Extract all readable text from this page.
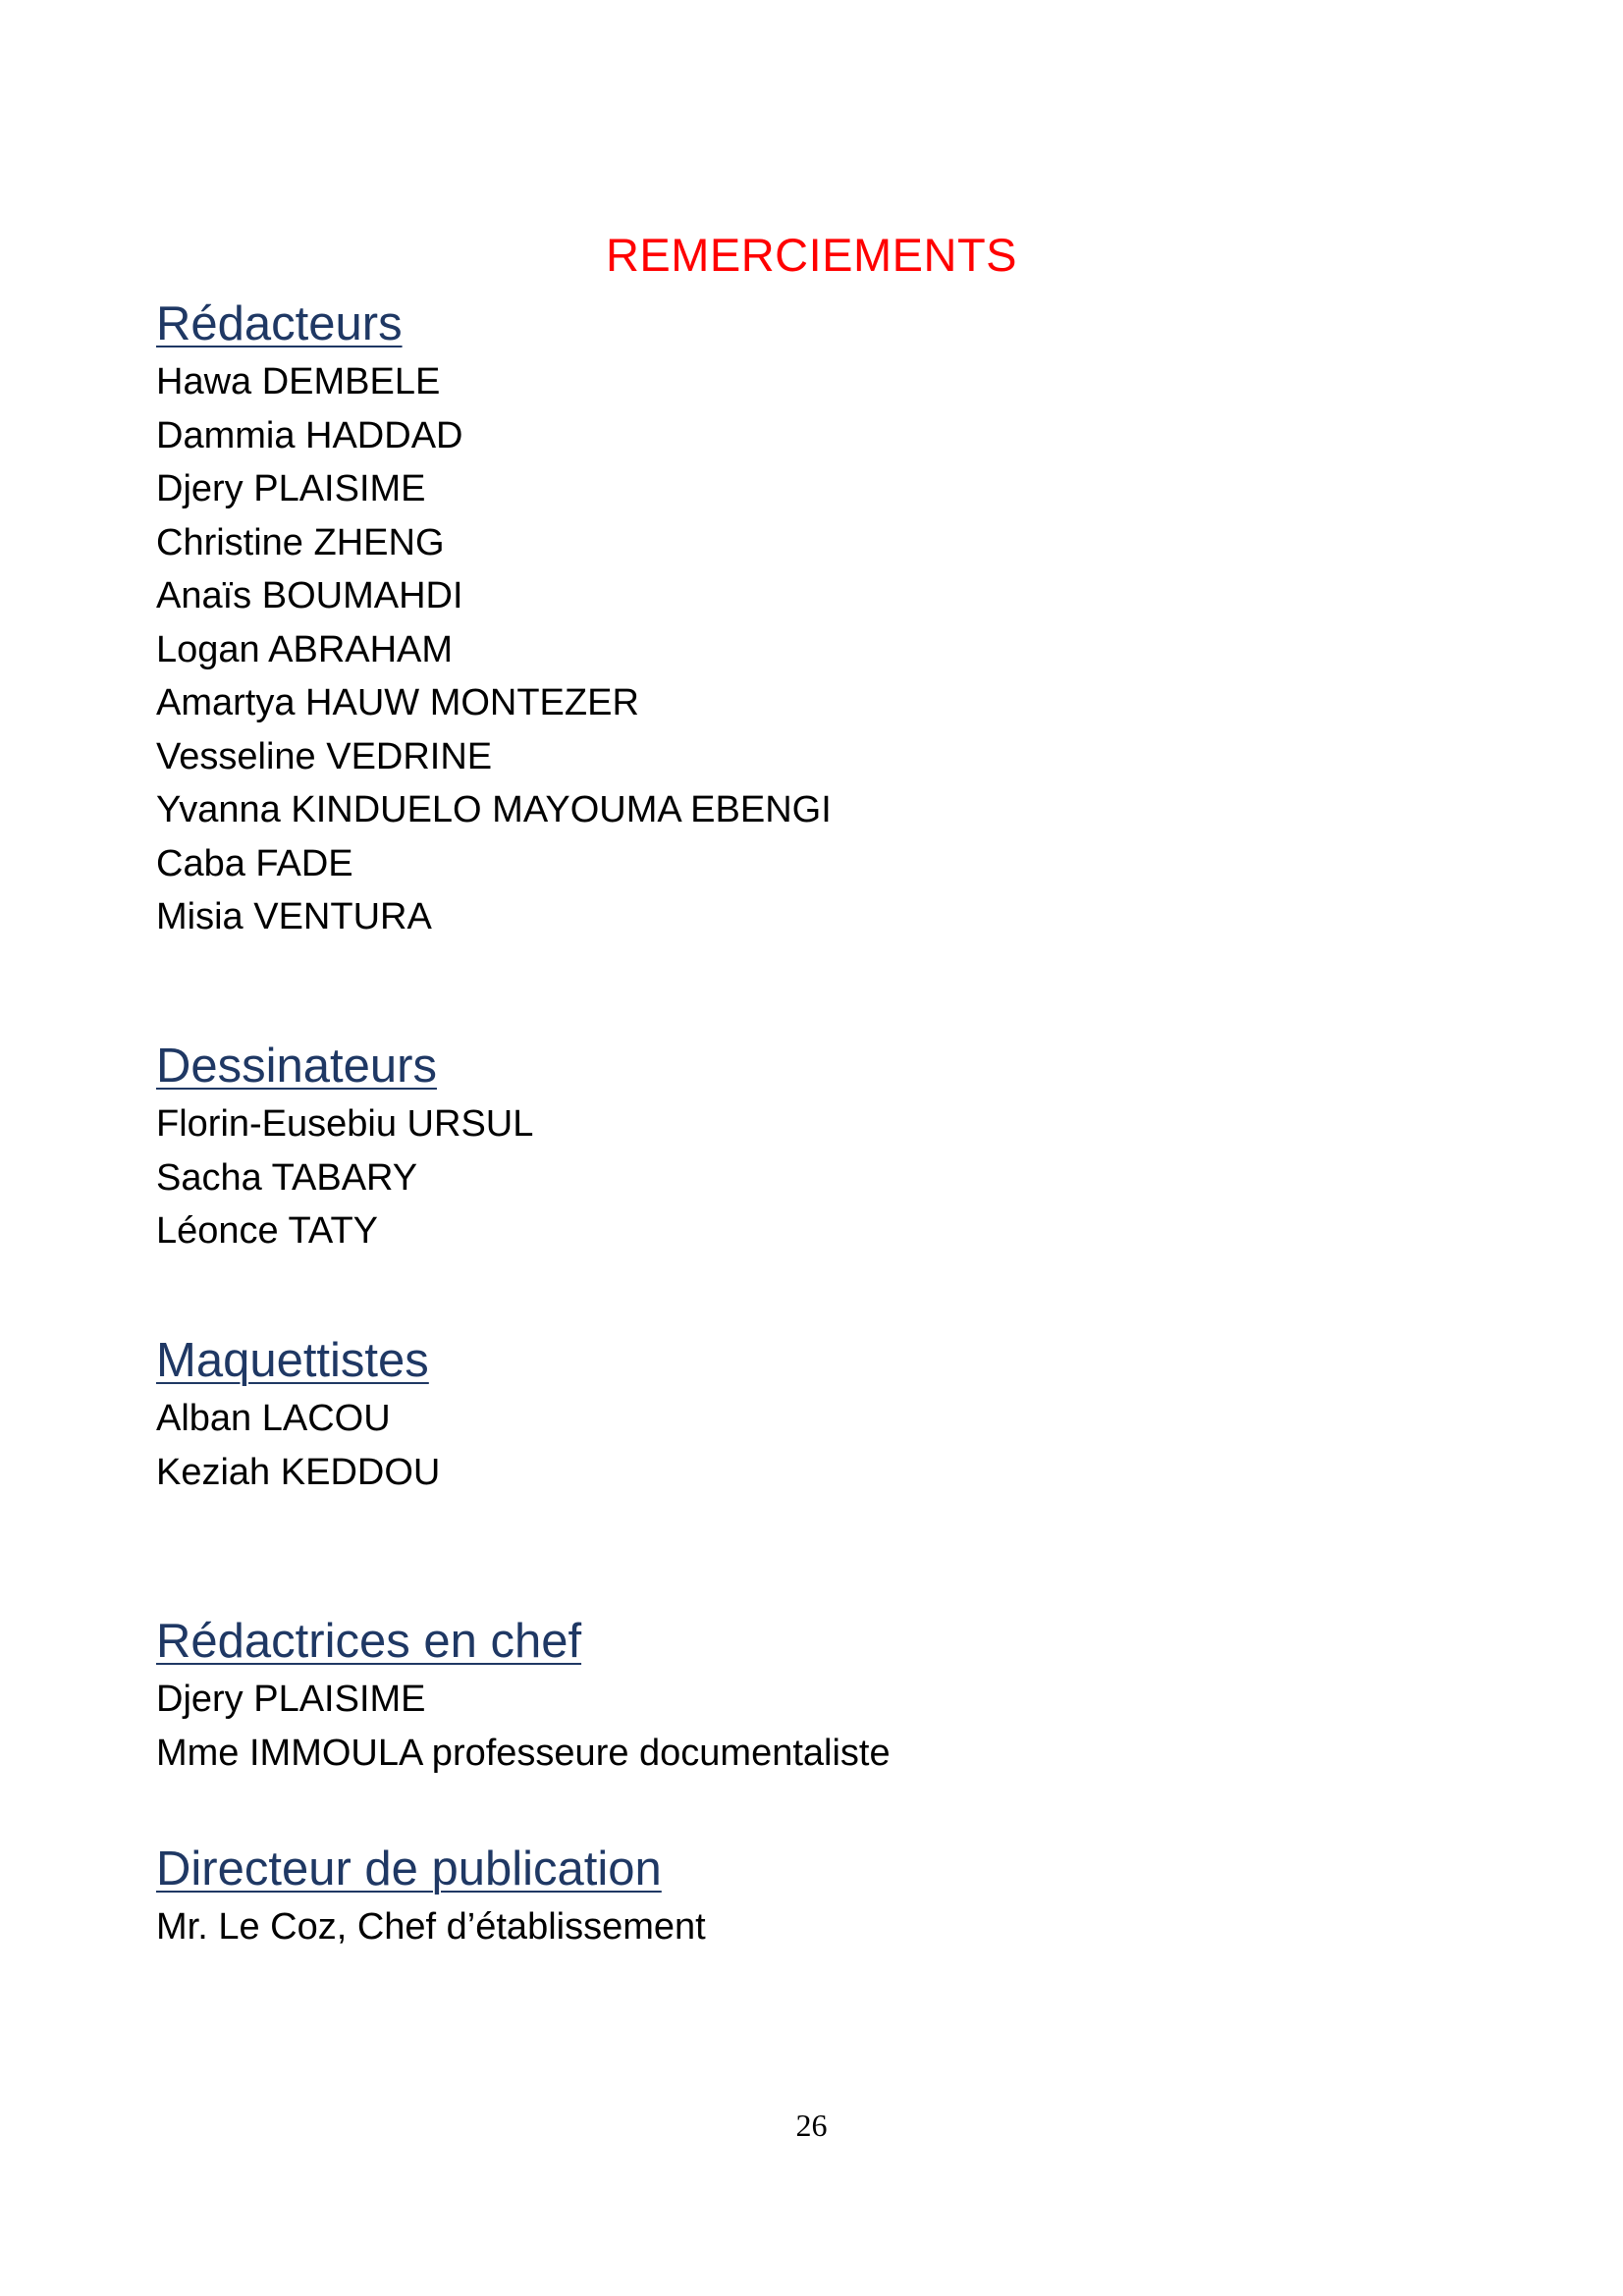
REMERCIEMENTS
Rédacteurs
Hawa DEMBELE
Dammia HADDAD
Djery PLAISIME
Christine ZHENG
Anaïs BOUMAHDI
Logan ABRAHAM
Amartya HAUW MONTEZER
Vesseline VEDRINE
Yvanna KINDUELO MAYOUMA EBENGI
Caba FADE
Misia VENTURA
Dessinateurs
Florin-Eusebiu URSUL
Sacha TABARY
Léonce TATY
Maquettistes
Alban LACOU
Keziah KEDDOU
Rédactrices en chef
Djery PLAISIME
Mme IMMOULA professeure documentaliste
Directeur de publication
Mr. Le Coz, Chef d’établissement
26
